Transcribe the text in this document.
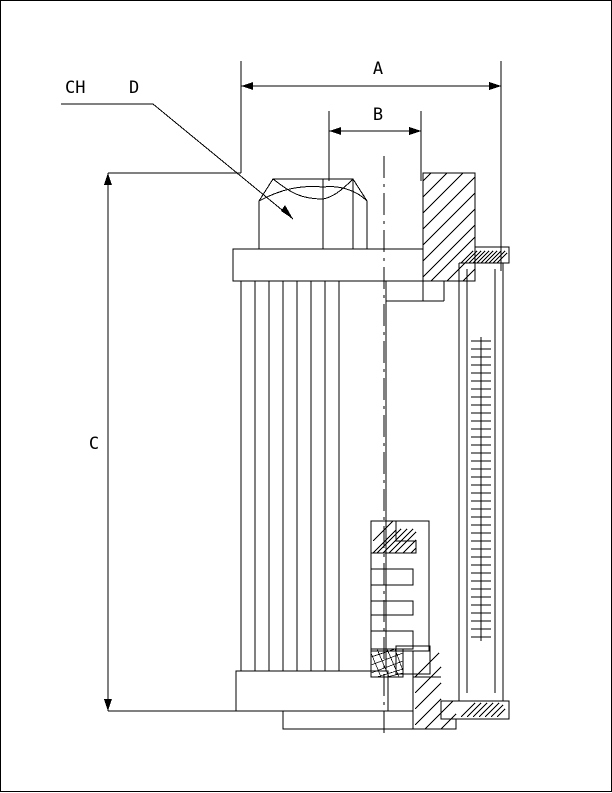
A
B
C
CH	D
